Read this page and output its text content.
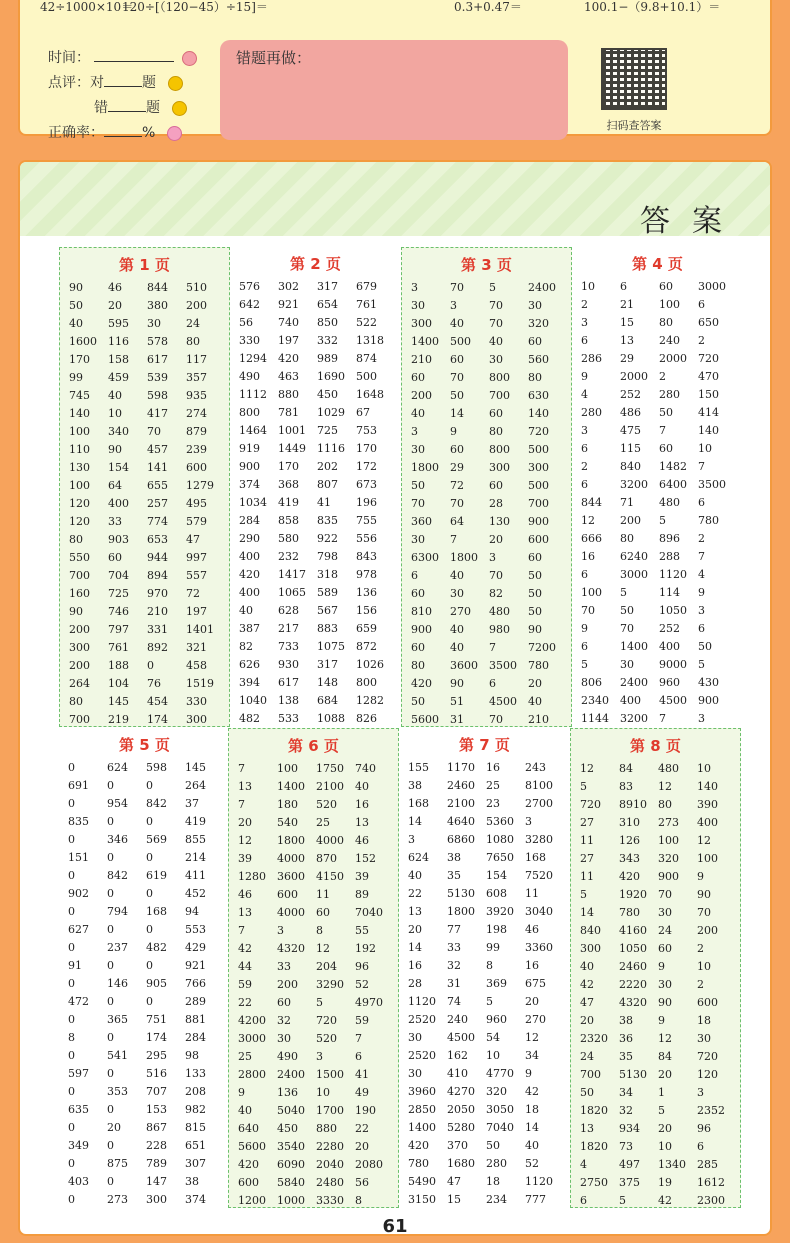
42÷1000×10＝
120÷[（120−45）÷15]＝	0.3+0.47＝	100.1−（9.8+10.1）＝
时间：
点评：对	题
错	题
正确率：	%
错题再做：
扫码查答案
答案
第 1 页
90	46	844	510
50	20	380	200
40	595	30	24
1600	116	578	80
170	158	617	117
99	459	539	357
745	40	598	935
140	10	417	274
100	340	70	879
110	90	457	239
130	154	141	600
100	64	655	1279
120	400	257	495
120	33	774	579
80	903	653	47
550	60	944	997
700	704	894	557
160	725	970	72
90	746	210	197
200	797	331	1401
300	761	892	321
200	188	0	458
264	104	76	1519
80	145	454	330
700	219	174	300
第 2 页
576	302	317	679
642	921	654	761
56	740	850	522
330	197	332	1318
1294	420	989	874
490	463	1690	500
1112	880	450	1648
800	781	1029	67
1464	1001	725	753
919	1449	1116	170
900	170	202	172
374	368	807	673
1034	419	41	196
284	858	835	755
290	580	922	556
400	232	798	843
420	1417	318	978
400	1065	589	136
40	628	567	156
387	217	883	659
82	733	1075	872
626	930	317	1026
394	617	148	800
1040	138	684	1282
482	533	1088	826
第 3 页
3	70	5	2400
30	3	70	30
300	40	70	320
1400	500	40	60
210	60	30	560
60	70	800	80
200	50	700	630
40	14	60	140
3	9	80	720
30	60	800	500
1800	29	300	300
50	72	60	500
70	70	28	700
360	64	130	900
30	7	20	600
6300	1800	3	60
6	40	70	50
60	30	82	50
810	270	480	50
900	40	980	90
60	40	7	7200
80	3600	3500	780
420	90	6	20
50	51	4500	40
5600	31	70	210
第 4 页
10	6	60	3000
2	21	100	6
3	15	80	650
6	13	240	2
286	29	2000	720
9	2000	2	470
4	252	280	150
280	486	50	414
3	475	7	140
6	115	60	10
2	840	1482	7
6	3200	6400	3500
844	71	480	6
12	200	5	780
666	80	896	2
16	6240	288	7
6	3000	1120	4
100	5	114	9
70	50	1050	3
9	70	252	6
6	1400	400	50
5	30	9000	5
806	2400	960	430
2340	400	4500	900
1144	3200	7	3
第 5 页
0	624	598	145
691	0	0	264
0	954	842	37
835	0	0	419
0	346	569	855
151	0	0	214
0	842	619	411
902	0	0	452
0	794	168	94
627	0	0	553
0	237	482	429
91	0	0	921
0	146	905	766
472	0	0	289
0	365	751	881
8	0	174	284
0	541	295	98
597	0	516	133
0	353	707	208
635	0	153	982
0	20	867	815
349	0	228	651
0	875	789	307
403	0	147	38
0	273	300	374
第 6 页
7	100	1750	740
13	1400	2100	40
7	180	520	16
20	540	25	13
12	1800	4000	46
39	4000	870	152
1280	3600	4150	39
46	600	11	89
13	4000	60	7040
7	3	8	55
42	4320	12	192
44	33	204	96
59	200	3290	52
22	60	5	4970
4200	32	720	59
3000	30	520	7
25	490	3	6
2800	2400	1500	41
9	136	10	49
40	5040	1700	190
640	450	880	22
5600	3540	2280	20
420	6090	2040	2080
600	5840	2480	56
1200	1000	3330	8
第 7 页
155	1170	16	243
38	2460	25	8100
168	2100	23	2700
14	4640	5360	3
3	6860	1080	3280
624	38	7650	168
40	35	154	7520
22	5130	608	11
13	1800	3920	3040
20	77	198	46
14	33	99	3360
16	32	8	16
28	31	369	675
1120	74	5	20
2520	240	960	270
30	4500	54	12
2520	162	10	34
30	410	4770	9
3960	4270	320	42
2850	2050	3050	18
1400	5280	7040	14
420	370	50	40
780	1680	280	52
5490	47	18	1120
3150	15	234	777
第 8 页
12	84	480	10
5	83	12	140
720	8910	80	390
27	310	273	400
11	126	100	12
27	343	320	100
11	420	900	9
5	1920	70	90
14	780	30	70
840	4160	24	200
300	1050	60	2
40	2460	9	10
42	2220	30	2
47	4320	90	600
20	38	9	18
2320	36	12	30
24	35	84	720
700	5130	20	120
50	34	1	3
1820	32	5	2352
13	934	20	96
1820	73	10	6
4	497	1340	285
2750	375	19	1612
6	5	42	2300
61
